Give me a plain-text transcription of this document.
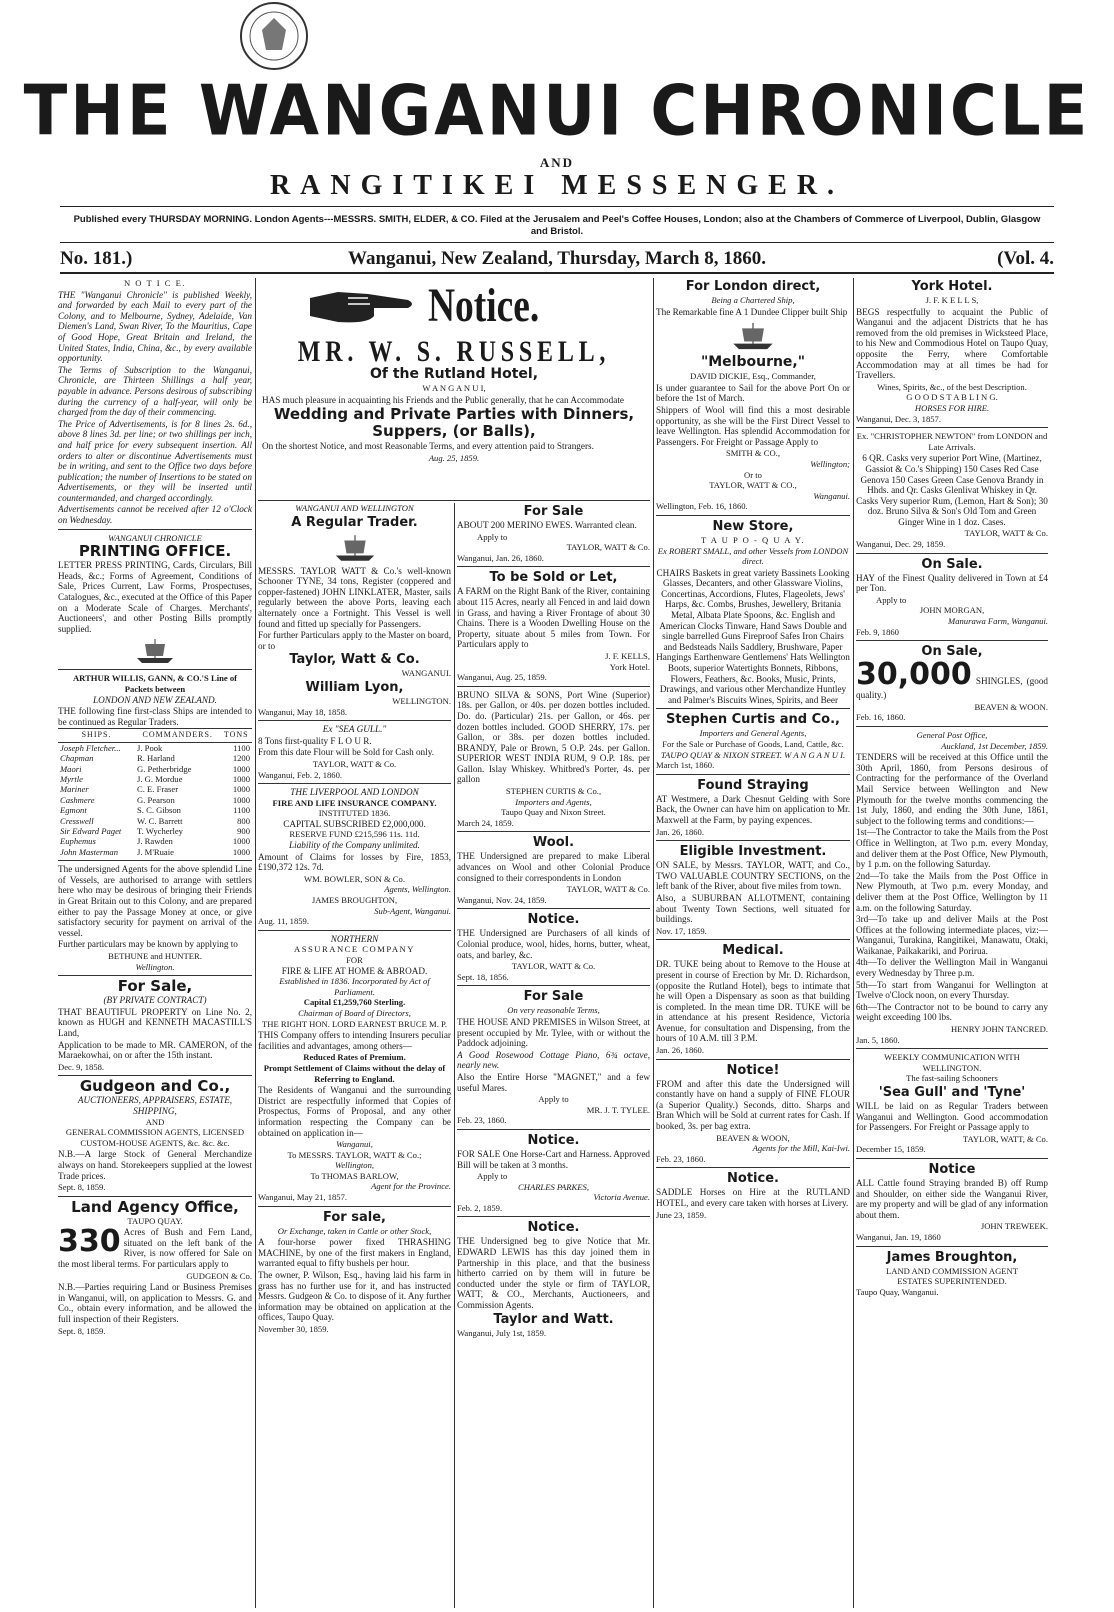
THE WANGANUI CHRONICLE
AND
RANGITIKEI MESSENGER.
Published every THURSDAY MORNING. London Agents---MESSRS. SMITH, ELDER, & CO. Filed at the Jerusalem and Peel's Coffee Houses, London; also at the Chambers of Commerce of Liverpool, Dublin, Glasgow and Bristol.
No. 181.)	Wanganui, New Zealand, Thursday, March 8, 1860.	(Vol. 4.
N O T I C E.
THE "Wanganui Chronicle" is published Weekly, and forwarded by each Mail to every part of the Colony, and to Melbourne, Sydney, Adelaide, Van Diemen's Land, Swan River, To the Mauritius, Cape of Good Hope, Great Britain and Ireland, the United States, India, China, &c., by every available opportunity.
The Terms of Subscription to the Wanganui, Chronicle, are Thirteen Shillings a half year, payable in advance. Persons desirous of subscribing during the currency of a half-year, will only be charged from the day of their commencing.
The Price of Advertisements, is for 8 lines 2s. 6d., above 8 lines 3d. per line; or two shillings per inch, and half price for every subsequent insertion. All orders to alter or discontinue Advertisements must be in writing, and sent to the Office two days before publication; the number of Insertions to be stated on Advertisements, or they will be inserted until countermanded, and charged accordingly.
Advertisements cannot be received after 12 o'Clock on Wednesday.
WANGANUI CHRONICLE
PRINTING OFFICE.
LETTER PRESS PRINTING, Cards, Circulars, Bill Heads, &c.; Forms of Agreement, Conditions of Sale, Prices Current, Law Forms, Prospectuses, Catalogues, &c., executed at the Office of this Paper on a Moderate Scale of Charges. Merchants', Auctioneers', and other Posting Bills promptly supplied.
ARTHUR WILLIS, GANN, & CO.'S Line of Packets between
LONDON AND NEW ZEALAND.
THE following fine first-class Ships are intended to be continued as Regular Traders.
SHIPS.	COMMANDERS.	TONS
Joseph Fletcher...	J. Pook	1100
Chapman	R. Harland	1200
Maori	G. Petherbridge	1000
Myrtle	J. G. Mordue	1000
Mariner	C. E. Fraser	1000
Cashmere	G. Pearson	1000
Egmont	S. C. Gibson	1100
Cresswell	W. C. Barrett	800
Sir Edward Paget	T. Wycherley	900
Euphemus	J. Rawden	1000
John Masterman	J. M'Ruaie	1000
The undersigned Agents for the above splendid Line of Vessels, are authorised to arrange with settlers here who may be desirous of bringing their Friends in Great Britain out to this Colony, and are prepared either to pay the Passage Money at once, or give satisfactory security for payment on arrival of the vessel.
Further particulars may be known by applying to
BETHUNE and HUNTER.
Wellington.
For Sale,
(BY PRIVATE CONTRACT)
THAT BEAUTIFUL PROPERTY on Line No. 2, known as HUGH and KENNETH MACASTILL'S Land,
Application to be made to MR. CAMERON, of the Maraekowhai, on or after the 15th instant.
Dec. 9, 1858.
Gudgeon and Co.,
AUCTIONEERS, APPRAISERS, ESTATE, SHIPPING,
AND
GENERAL COMMISSION AGENTS, LICENSED CUSTOM-HOUSE AGENTS, &c. &c. &c.
N.B.—A large Stock of General Merchandize always on hand. Storekeepers supplied at the lowest Trade prices.
Sept. 8, 1859.
Land Agency Office,
TAUPO QUAY.
330 Acres of Bush and Fern Land, situated on the left bank of the River, is now offered for Sale on the most liberal terms. For particulars apply to
GUDGEON & Co.
N.B.—Parties requiring Land or Business Premises in Wanganui, will, on application to Messrs. G. and Co., obtain every information, and be allowed the full inspection of their Registers.
Sept. 8, 1859.
Notice.
MR. W. S. RUSSELL,
Of the Rutland Hotel,
W A N G A N U I,
HAS much pleasure in acquainting his Friends and the Public generally, that he can Accommodate
Wedding and Private Parties with Dinners, Suppers, (or Balls),
On the shortest Notice, and most Reasonable Terms, and every attention paid to Strangers.
Aug. 25, 1859.
WANGANUI AND WELLINGTON
A Regular Trader.
MESSRS. TAYLOR WATT & Co.'s well-known Schooner TYNE, 34 tons, Register (coppered and copper-fastened) JOHN LINKLATER, Master, sails regularly between the above Ports, leaving each alternately once a Fortnight. This Vessel is well found and fitted up specially for Passengers.
For further Particulars apply to the Master on board, or to
Taylor, Watt & Co.
WANGANUI.
William Lyon,
WELLINGTON.
Wanganui, May 18, 1858.
Ex "SEA GULL."
8 Tons first-quality F L O U R.
From this date Flour will be Sold for Cash only.
TAYLOR, WATT & Co.
Wanganui, Feb. 2, 1860.
THE LIVERPOOL AND LONDON
FIRE AND LIFE INSURANCE COMPANY.
INSTITUTED 1836.
CAPITAL SUBSCRIBED £2,000,000.
RESERVE FUND £215,596 11s. 11d.
Liability of the Company unlimited.
Amount of Claims for losses by Fire, 1853, £190,372 12s. 7d.
WM. BOWLER, SON & Co.
Agents, Wellington.
JAMES BROUGHTON,
Sub-Agent, Wanganui.
Aug. 11, 1859.
NORTHERN
ASSURANCE COMPANY
FOR
FIRE & LIFE AT HOME & ABROAD.
Established in 1836. Incorporated by Act of Parliament.
Capital £1,259,760 Sterling.
Chairman of Board of Directors,
THE RIGHT HON. LORD EARNEST BRUCE M. P.
THIS Company offers to intending Insurers peculiar facilities and advantages, among others—
Reduced Rates of Premium.
Prompt Settlement of Claims without the delay of Referring to England.
The Residents of Wanganui and the surrounding District are respectfully informed that Copies of Prospectus, Forms of Proposal, and any other information respecting the Company can be obtained on application in—
Wanganui,
To MESSRS. TAYLOR, WATT & Co.;
Wellington,
To THOMAS BARLOW,
Agent for the Province.
Wanganui, May 21, 1857.
For sale,
Or Exchange, taken in Cattle or other Stock,
A four-horse power fixed THRASHING MACHINE, by one of the first makers in England, warranted equal to fifty bushels per hour.
The owner, P. Wilson, Esq., having laid his farm in grass has no further use for it, and has instructed Messrs. Gudgeon & Co. to dispose of it. Any further information may be obtained on application at the offices, Taupo Quay.
November 30, 1859.
For Sale
ABOUT 200 MERINO EWES. Warranted clean.
Apply to
TAYLOR, WATT & Co.
Wanganui, Jan. 26, 1860.
To be Sold or Let,
A FARM on the Right Bank of the River, containing about 115 Acres, nearly all Fenced in and laid down in Grass, and having a River Frontage of about 30 Chains. There is a Wooden Dwelling House on the Property, situate about 5 miles from Town. For Particulars apply to
J. F. KELLS,
York Hotel.
Wanganui, Aug. 25, 1859.
BRUNO SILVA & SONS, Port Wine (Superior) 18s. per Gallon, or 40s. per dozen bottles included. Do. do. (Particular) 21s. per Gallon, or 46s. per dozen bottles included. GOOD SHERRY, 17s. per Gallon, or 38s. per dozen bottles included. BRANDY, Pale or Brown, 5 O.P. 24s. per Gallon. SUPERIOR WEST INDIA RUM, 9 O.P. 18s. per Gallon. Islay Whiskey. Whitbred's Porter, 4s. per gallon
STEPHEN CURTIS & Co.,
Importers and Agents,
Taupo Quay and Nixon Street.
March 24, 1859.
Wool.
THE Undersigned are prepared to make Liberal advances on Wool and other Colonial Produce consigned to their correspondents in London
TAYLOR, WATT & Co.
Wanganui, Nov. 24, 1859.
Notice.
THE Undersigned are Purchasers of all kinds of Colonial produce, wool, hides, horns, butter, wheat, oats, and barley, &c.
TAYLOR, WATT & Co.
Sept. 18, 1856.
For Sale
On very reasonable Terms,
THE HOUSE AND PREMISES in Wilson Street, at present occupied by Mr. Tylee, with or without the Paddock adjoining.
A Good Rosewood Cottage Piano, 6¾ octave, nearly new.
Also the Entire Horse "MAGNET," and a few useful Mares.
Apply to
MR. J. T. TYLEE.
Feb. 23, 1860.
Notice.
FOR SALE One Horse-Cart and Harness. Approved Bill will be taken at 3 months.
Apply to
CHARLES PARKES,
Victoria Avenue.
Feb. 2, 1859.
Notice.
THE Undersigned beg to give Notice that Mr. EDWARD LEWIS has this day joined them in Partnership in this place, and that the business hitherto carried on by them will in future be conducted under the style or firm of TAYLOR, WATT, & CO., Merchants, Auctioneers, and Commission Agents.
Taylor and Watt.
Wanganui, July 1st, 1859.
For London direct,
Being a Chartered Ship,
The Remarkable fine A 1 Dundee Clipper built Ship
"Melbourne,"
DAVID DICKIE, Esq., Commander,
Is under guarantee to Sail for the above Port On or before the 1st of March.
Shippers of Wool will find this a most desirable opportunity, as she will be the First Direct Vessel to leave Wellington. Has splendid Accommodation for Passengers. For Freight or Passage Apply to
SMITH & CO.,
Wellington;
Or to
TAYLOR, WATT & CO.,
Wanganui.
Wellington, Feb. 16, 1860.
New Store,
T A U P O - Q U A Y.
Ex ROBERT SMALL, and other Vessels from LONDON direct.
CHAIRS Baskets in great variety Bassinets Looking Glasses, Decanters, and other Glassware Violins, Concertinas, Accordions, Flutes, Flageolets, Jews' Harps, &c. Combs, Brushes, Jewellery, Britania Metal, Albata Plate Spoons, &c. English and American Clocks Tinware, Hand Saws Double and single barrelled Guns Fireproof Safes Iron Chairs and Bedsteads Nails Saddlery, Brushware, Paper Hangings Earthenware Gentlemens' Hats Wellington Boots, superior Watertights Bonnets, Ribbons, Flowers, Feathers, &c. Books, Music, Prints, Drawings, and various other Merchandize Huntley and Palmer's Biscuits Wines, Spirits, and Beer
Stephen Curtis and Co.,
Importers and General Agents,
For the Sale or Purchase of Goods, Land, Cattle, &c.
TAUPO QUAY & NIXON STREET. W A N G A N U I.
March 1st, 1860.
Found Straying
AT Westmere, a Dark Chesnut Gelding with Sore Back, the Owner can have him on application to Mr. Maxwell at the Farm, by paying expences.
Jan. 26, 1860.
Eligible Investment.
ON SALE, by Messrs. TAYLOR, WATT, and Co., TWO VALUABLE COUNTRY SECTIONS, on the left bank of the River, about five miles from town.
Also, a SUBURBAN ALLOTMENT, containing about Twenty Town Sections, well situated for buildings.
Nov. 17, 1859.
Medical.
DR. TUKE being about to Remove to the House at present in course of Erection by Mr. D. Richardson, (opposite the Rutland Hotel), begs to intimate that he will Open a Dispensary as soon as that building is completed. In the mean time DR. TUKE will be in attendance at his present Residence, Victoria Avenue, for consultation and Dispensing, from the hours of 10 A.M. till 3 P.M.
Jan. 26, 1860.
Notice!
FROM and after this date the Undersigned will constantly have on hand a supply of FINE FLOUR (a Superior Quality.) Seconds, ditto. Sharps and Bran Which will be Sold at current rates for Cash. If booked, 3s. per bag extra.
BEAVEN & WOON,
Agents for the Mill, Kai-Iwi.
Feb. 23, 1860.
Notice.
SADDLE Horses on Hire at the RUTLAND HOTEL, and every care taken with horses at Livery.
June 23, 1859.
York Hotel.
J. F. K E L L S,
BEGS respectfully to acquaint the Public of Wanganui and the adjacent Districts that he has removed from the old premises in Wicksteed Place, to his New and Commodious Hotel on Taupo Quay, opposite the Ferry, where Comfortable Accommodation may at all times be had for Travellers.
Wines, Spirits, &c., of the best Description.
G O O D S T A B L I N G.
HORSES FOR HIRE.
Wanganui, Dec. 3, 1857.
Ex. "CHRISTOPHER NEWTON" from LONDON and Late Arrivals.
6 QR. Casks very superior Port Wine, (Martinez, Gassiot & Co.'s Shipping) 150 Cases Red Case Genova 150 Cases Green Case Genova Brandy in Hhds. and Qr. Casks Glenlivat Whiskey in Qr. Casks Very superior Rum, (Lemon, Hart & Son); 30 doz. Bruno Silva & Son's Old Tom and Green Ginger Wine in 1 doz. Cases.
TAYLOR, WATT & Co.
Wanganui, Dec. 29, 1859.
On Sale.
HAY of the Finest Quality delivered in Town at £4 per Ton.
Apply to
JOHN MORGAN,
Manurawa Farm, Wanganui.
Feb. 9, 1860
On Sale,
30,000 SHINGLES, (good quality.)
BEAVEN & WOON.
Feb. 16, 1860.
General Post Office,
Auckland, 1st December, 1859.
TENDERS will be received at this Office until the 30th April, 1860, from Persons desirous of Contracting for the performance of the Overland Mail Service between Wellington and New Plymouth for the twelve months commencing the 1st July, 1860, and ending the 30th June, 1861, subject to the following terms and conditions:—
1st—The Contractor to take the Mails from the Post Office in Wellington, at Two p.m. every Monday, and deliver them at the Post Office, New Plymouth, by 1 p.m. on the following Saturday.
2nd—To take the Mails from the Post Office in New Plymouth, at Two p.m. every Monday, and deliver them at the Post Office, Wellington by 11 a.m. on the following Saturday.
3rd—To take up and deliver Mails at the Post Offices at the following intermediate places, viz:—Wanganui, Turakina, Rangitikei, Manawatu, Otaki, Waikanae, Paikakariki, and Porirua.
4th—To deliver the Wellington Mail in Wanganui every Wednesday by Three p.m.
5th—To start from Wanganui for Wellington at Twelve o'Clock noon, on every Thursday.
6th—The Contractor not to be bound to carry any weight exceeding 100 lbs.
HENRY JOHN TANCRED.
Jan. 5, 1860.
WEEKLY COMMUNICATION WITH WELLINGTON.
The fast-sailing Schooners
'Sea Gull' and 'Tyne'
WILL be laid on as Regular Traders between Wanganui and Wellington. Good accommodation for Passengers. For Freight or Passage apply to
TAYLOR, WATT, & Co.
December 15, 1859.
Notice
ALL Cattle found Straying branded B) off Rump and Shoulder, on either side the Wanganui River, are my property and will be glad of any information about them.
JOHN TREWEEK.
Wanganui, Jan. 19, 1860
James Broughton,
LAND AND COMMISSION AGENT
ESTATES SUPERINTENDED.
Taupo Quay, Wanganui.
